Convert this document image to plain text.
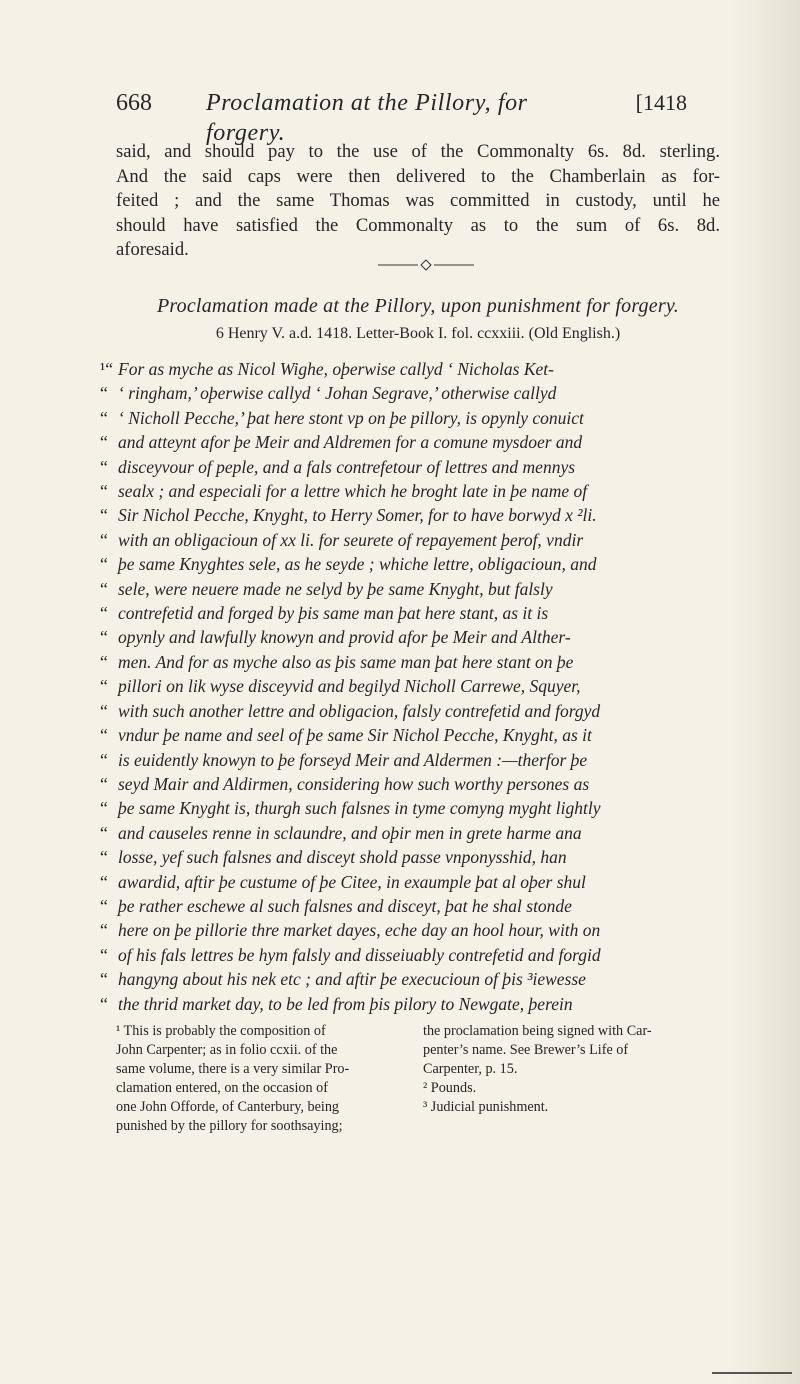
668 Proclamation at the Pillory, for forgery.
[1418
said, and should pay to the use of the Commonalty 6s. 8d. sterling.
And the said caps were then delivered to the Chamberlain as for-
feited ; and the same Thomas was committed in custody, until he
should have satisfied the Commonalty as to the sum of 6s. 8d.
aforesaid.
Proclamation made at the Pillory, upon punishment for forgery.
6 Henry V. a.d. 1418. Letter-Book I. fol. ccxxiii. (Old English.)
¹“ For as myche as Nicol Wighe, oþerwise callyd ‘ Nicholas Ket-
“ ‘ ringham,’ oþerwise callyd ‘ Johan Segrave,’ otherwise callyd
“ ‘ Nicholl Pecche,’ þat here stont vp on þe pillory, is opynly conuict
“ and atteynt afor þe Meir and Aldremen for a comune mysdoer and
“ disceyvour of peple, and a fals contrefetour of lettres and mennys
“ sealx ; and especiali for a lettre which he broght late in þe name of
“ Sir Nichol Pecche, Knyght, to Herry Somer, for to have borwyd x ²li.
“ with an obligacioun of xx li. for seurete of repayement þerof, vndir
“ þe same Knyghtes sele, as he seyde ; whiche lettre, obligacioun, and
“ sele, were neuere made ne selyd by þe same Knyght, but falsly
“ contrefetid and forged by þis same man þat here stant, as it is
“ opynly and lawfully knowyn and provid afor þe Meir and Alther-
“ men. And for as myche also as þis same man þat here stant on þe
“ pillori on lik wyse disceyvid and begilyd Nicholl Carrewe, Squyer,
“ with such another lettre and obligacion, falsly contrefetid and forgyd
“ vndur þe name and seel of þe same Sir Nichol Pecche, Knyght, as it
“ is euidently knowyn to þe forseyd Meir and Aldermen :—therfor þe
“ seyd Mair and Aldirmen, considering how such worthy persones as
“ þe same Knyght is, thurgh such falsnes in tyme comyng myght lightly
“ and causeles renne in sclaundre, and oþir men in grete harme ana
“ losse, yef such falsnes and disceyt shold passe vnponysshid, han
“ awardid, aftir þe custume of þe Citee, in exaumple þat al oþer shul
“ þe rather eschewe al such falsnes and disceyt, þat he shal stonde
“ here on þe pillorie thre market dayes, eche day an hool hour, with on
“ of his fals lettres be hym falsly and disseiuably contrefetid and forgid
“ hangyng about his nek etc ; and aftir þe execucioun of þis ³iewesse
“ the thrid market day, to be led from þis pilory to Newgate, þerein
¹ This is probably the composition of
John Carpenter; as in folio ccxii. of the
same volume, there is a very similar Pro-
clamation entered, on the occasion of
one John Offorde, of Canterbury, being
punished by the pillory for soothsaying;
the proclamation being signed with Car-
penter’s name. See Brewer’s Life of
Carpenter, p. 15.
² Pounds.
³ Judicial punishment.
